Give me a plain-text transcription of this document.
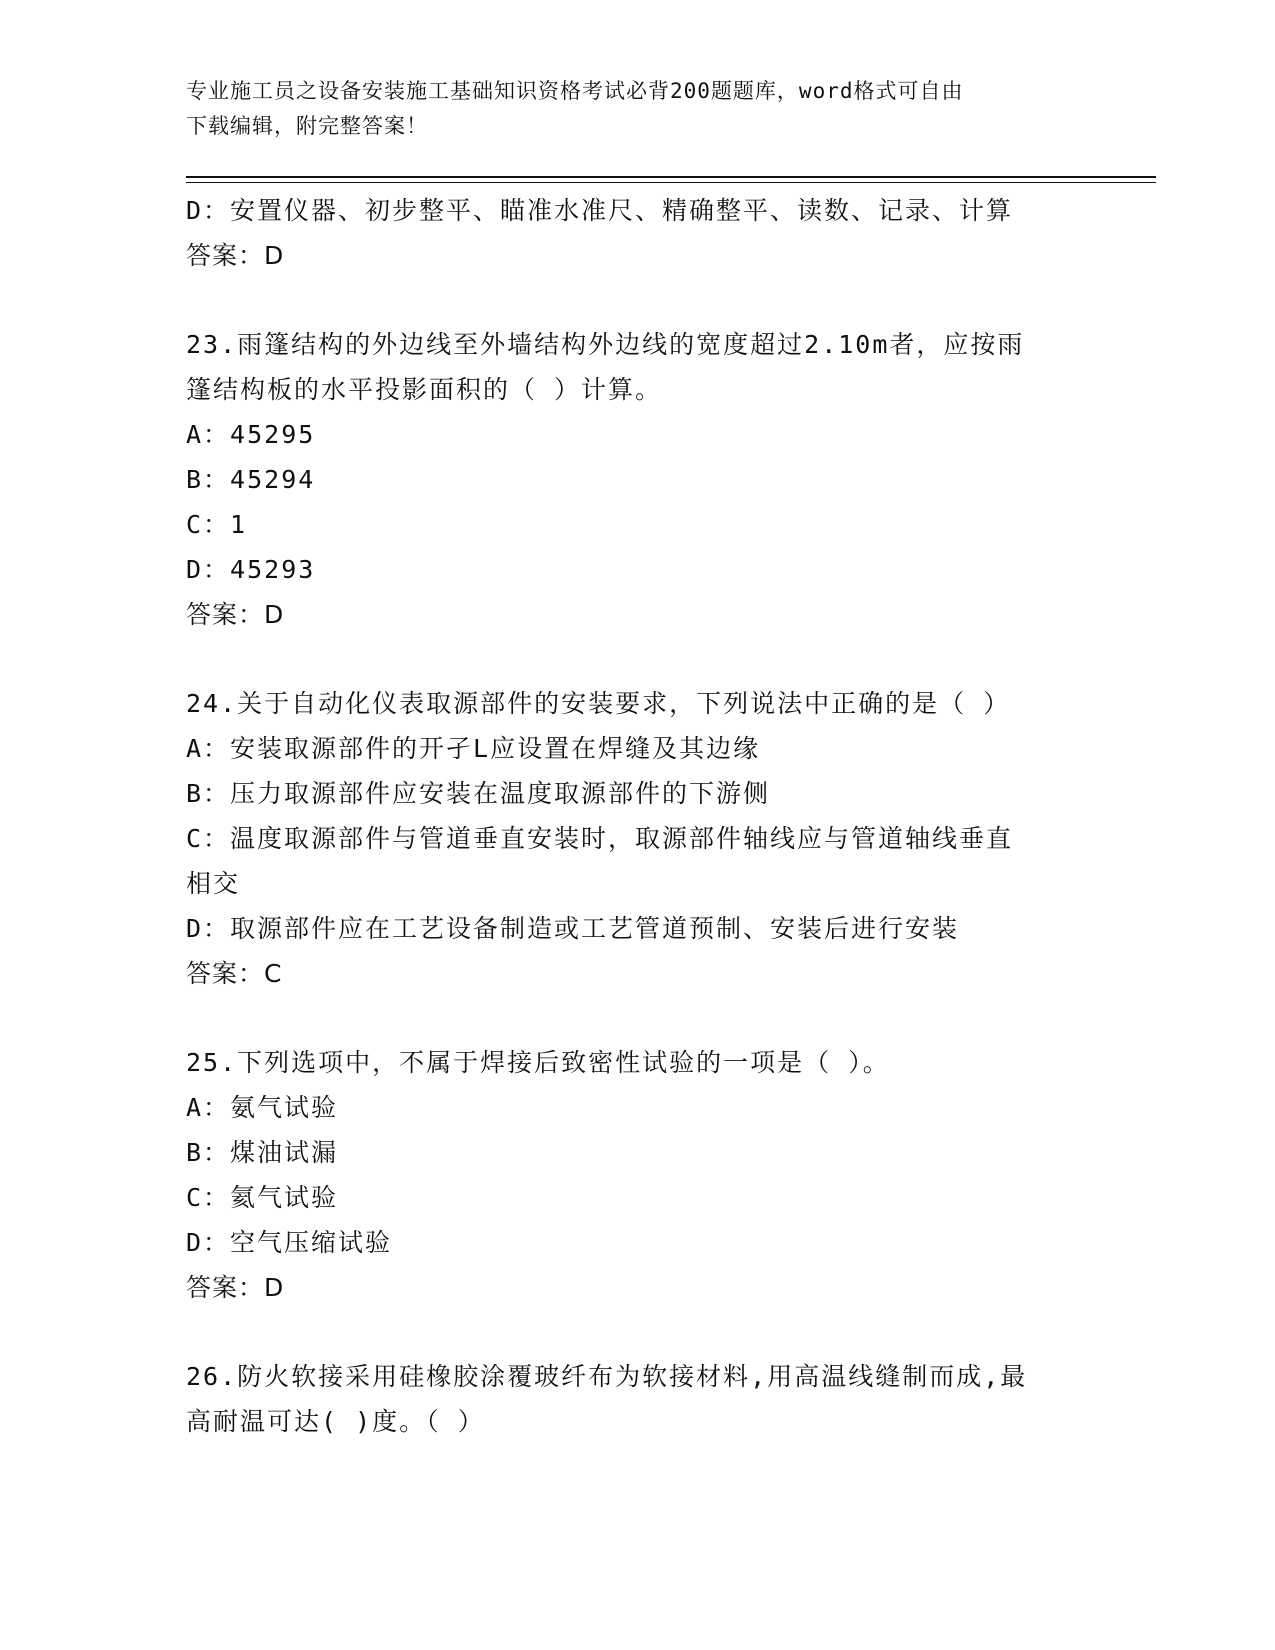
专业施工员之设备安装施工基础知识资格考试必背200题题库，word格式可自由
下载编辑，附完整答案！
D：安置仪器、初步整平、瞄准水准尺、精确整平、读数、记录、计算
答案：D
23.雨篷结构的外边线至外墙结构外边线的宽度超过2.10m者，应按雨
篷结构板的水平投影面积的（ ）计算。
A：45295
B：45294
C：1
D：45293
答案：D
24.关于自动化仪表取源部件的安装要求，下列说法中正确的是（ ）
A：安装取源部件的开孑L应设置在焊缝及其边缘
B：压力取源部件应安装在温度取源部件的下游侧
C：温度取源部件与管道垂直安装时，取源部件轴线应与管道轴线垂直
相交
D：取源部件应在工艺设备制造或工艺管道预制、安装后进行安装
答案：C
25.下列选项中，不属于焊接后致密性试验的一项是（ ）。
A：氨气试验
B：煤油试漏
C：氦气试验
D：空气压缩试验
答案：D
26.防火软接采用硅橡胶涂覆玻纤布为软接材料,用高温线缝制而成,最
高耐温可达( )度。（ ）
